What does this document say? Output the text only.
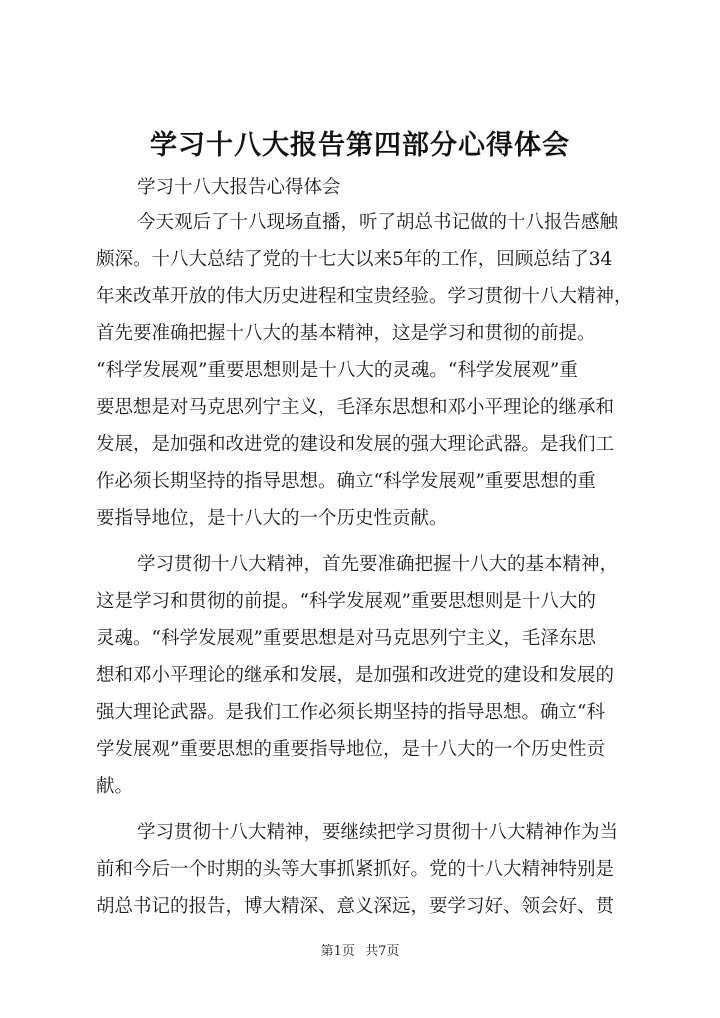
学习十八大报告第四部分心得体会

学习十八大报告心得体会

今天观后了十八现场直播，听了胡总书记做的十八报告感触

颇深。十八大总结了党的十七大以来5年的工作，回顾总结了34

年来改革开放的伟大历史进程和宝贵经验。学习贯彻十八大精神，

首先要准确把握十八大的基本精神，这是学习和贯彻的前提。

“科学发展观”重要思想则是十八大的灵魂。“科学发展观”重

要思想是对马克思列宁主义，毛泽东思想和邓小平理论的继承和

发展，是加强和改进党的建设和发展的强大理论武器。是我们工

作必须长期坚持的指导思想。确立“科学发展观”重要思想的重

要指导地位，是十八大的一个历史性贡献。

学习贯彻十八大精神，首先要准确把握十八大的基本精神，

这是学习和贯彻的前提。“科学发展观”重要思想则是十八大的

灵魂。“科学发展观”重要思想是对马克思列宁主义，毛泽东思

想和邓小平理论的继承和发展，是加强和改进党的建设和发展的

强大理论武器。是我们工作必须长期坚持的指导思想。确立“科

学发展观”重要思想的重要指导地位，是十八大的一个历史性贡

献。

学习贯彻十八大精神，要继续把学习贯彻十八大精神作为当

前和今后一个时期的头等大事抓紧抓好。党的十八大精神特别是

胡总书记的报告，博大精深、意义深远，要学习好、领会好、贯

第1页 共7页
